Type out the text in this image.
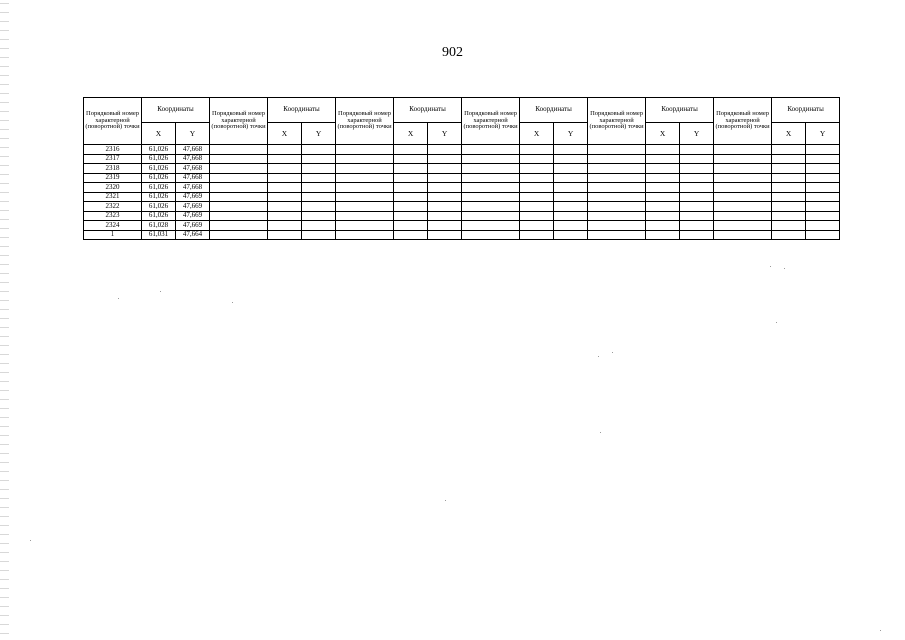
902
Порядковый номер характерной (поворотной) точки	Координаты		Порядковый номер характерной (поворотной) точки	Координаты		Порядковый номер характерной (поворотной) точки	Координаты		Порядковый номер характерной (поворотной) точки	Координаты		Порядковый номер характерной (поворотной) точки	Координаты		Порядковый номер характерной (поворотной) точки	Координаты	
	X	Y		X	Y		X	Y		X	Y		X	Y		X	Y
2316	61,026	47,668															
2317	61,026	47,668															
2318	61,026	47,668															
2319	61,026	47,668															
2320	61,026	47,668															
2321	61,026	47,669															
2322	61,026	47,669															
2323	61,026	47,669															
2324	61,028	47,669															
1	61,031	47,664															
